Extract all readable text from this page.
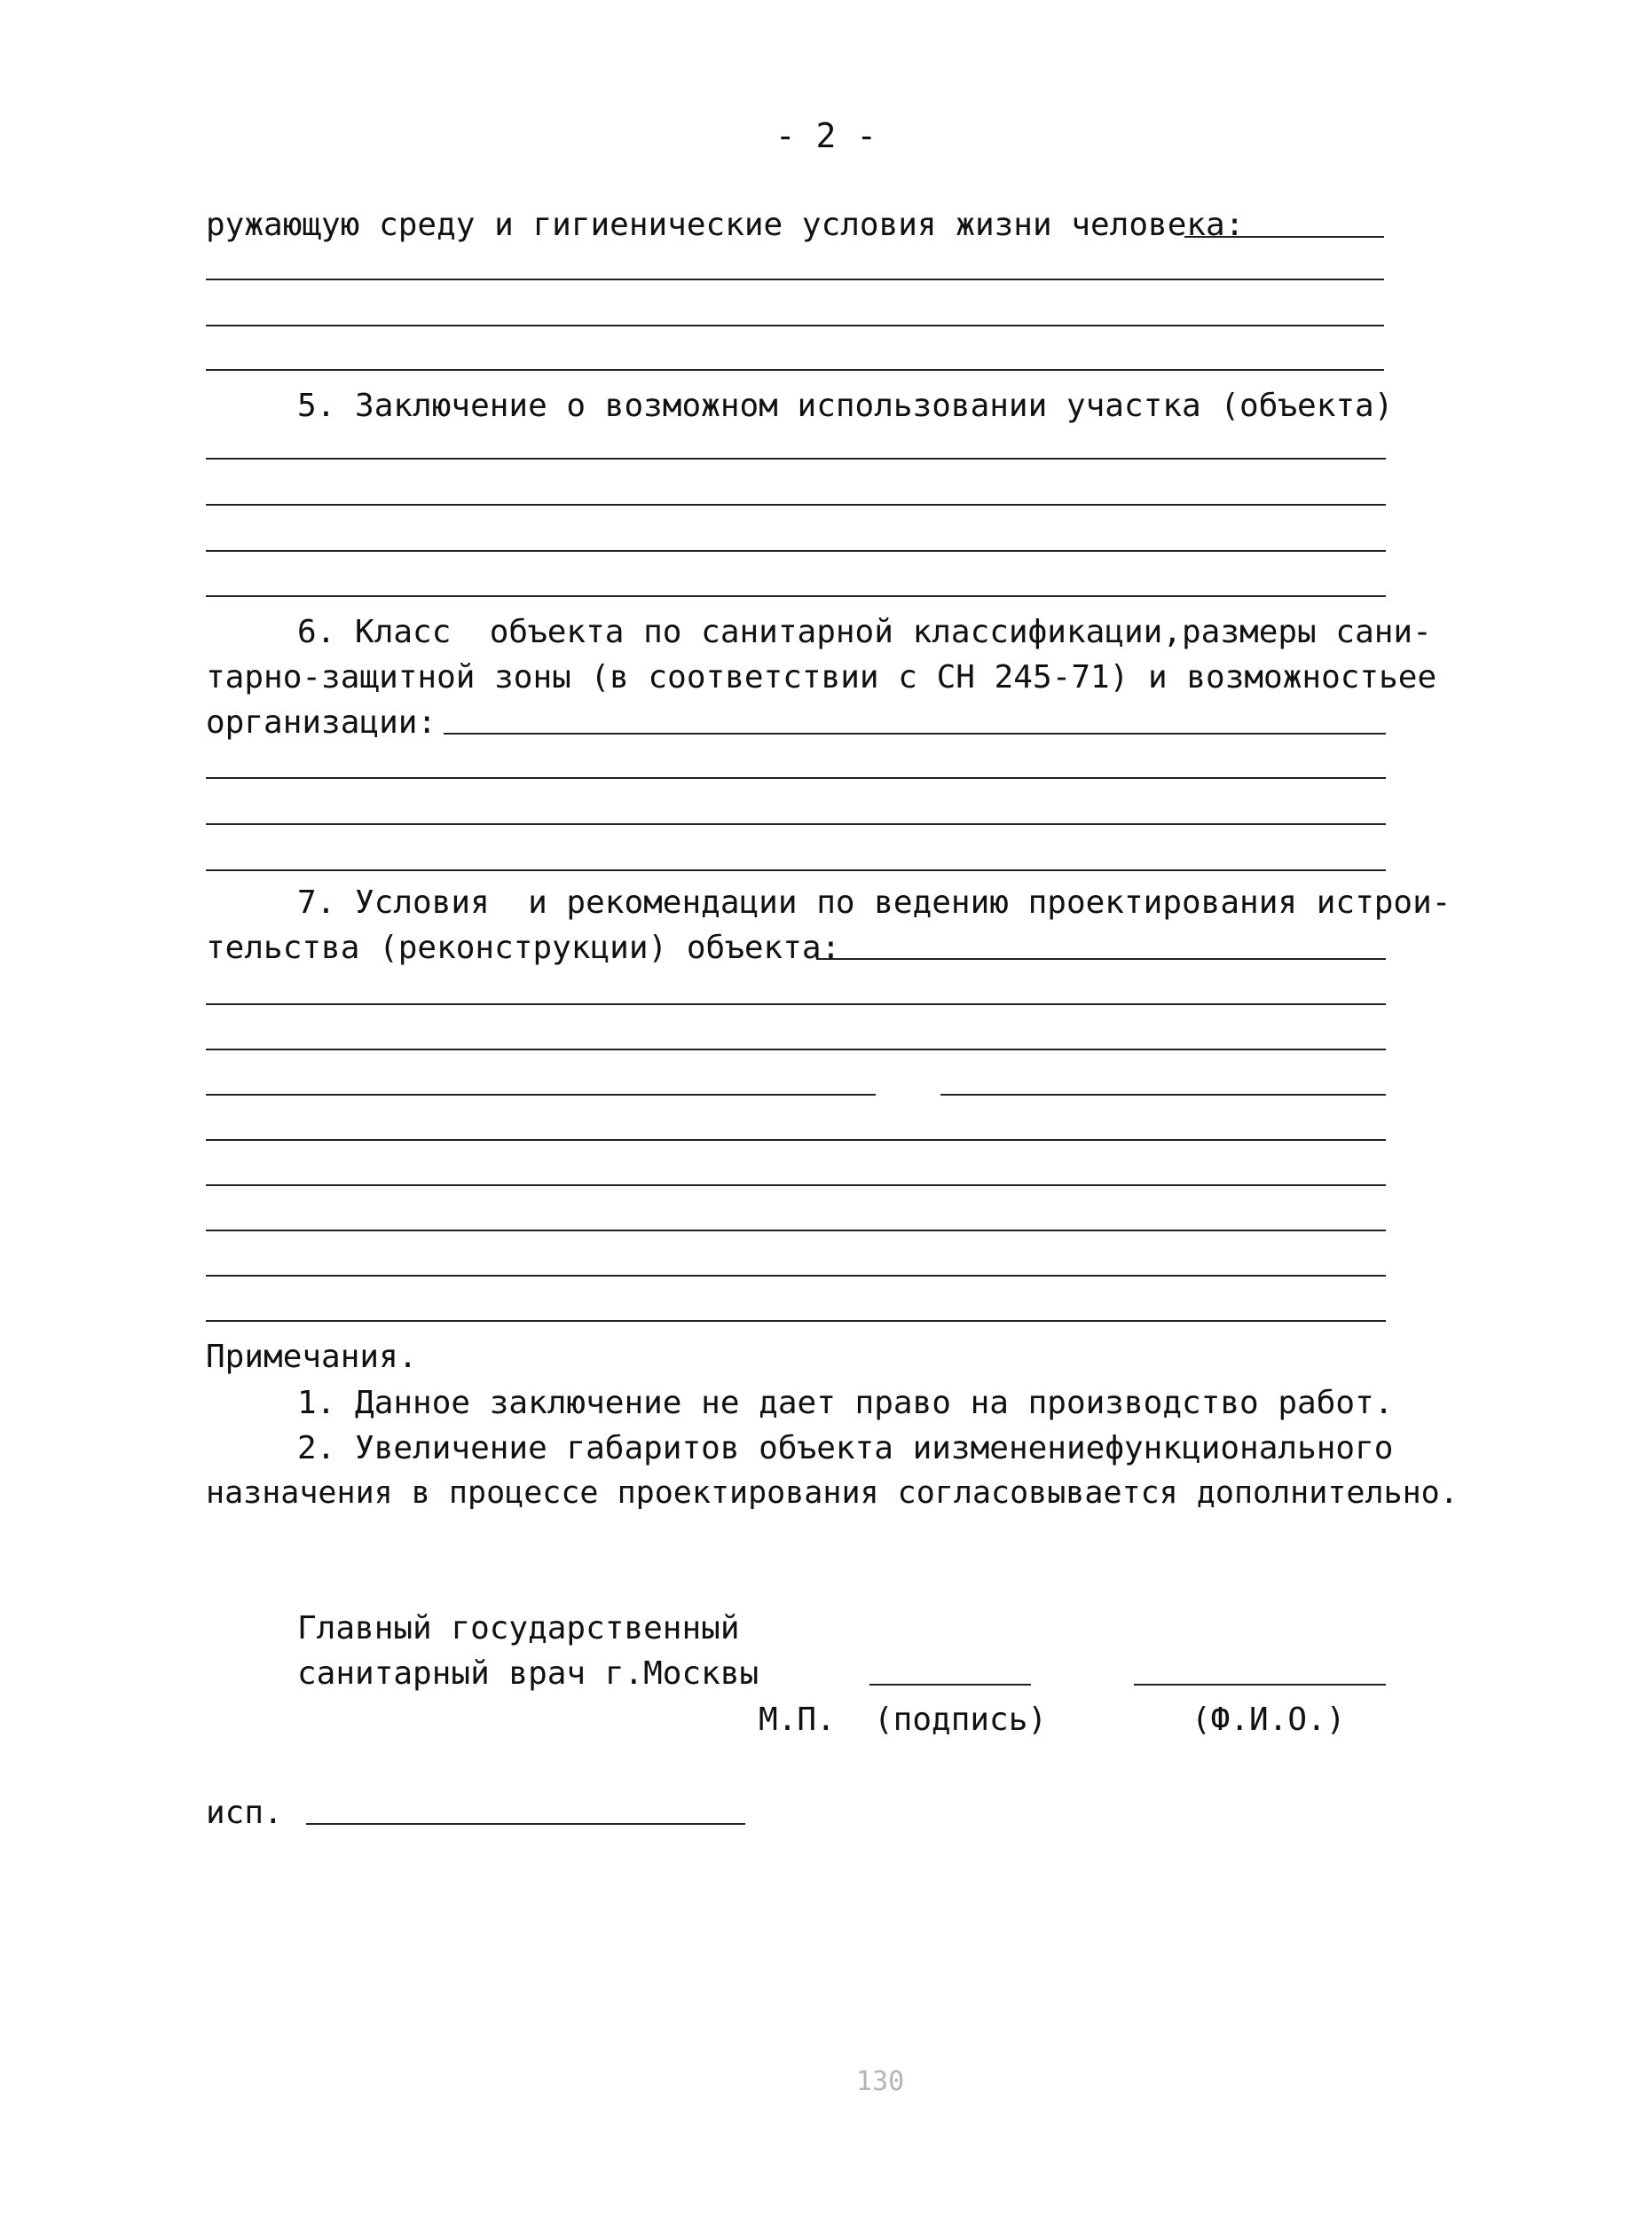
- 2 -
ружающую среду и гигиенические условия жизни человека:
5. Заключение о возможном использовании участка (объекта)
6. Класс  объекта по санитарной классификации, размеры сани-
тарно-защитной зоны (в соответствии с СН 245-71) и возможность ее
организации:
7. Условия  и рекомендации по ведению проектирования и строи-
тельства (реконструкции) объекта:
Примечания.
1. Данное заключение не дает право на производство работ.
2. Увеличение габаритов объекта и изменение функционального
назначения в процессе проектирования согласовывается дополнительно.
Главный государственный
санитарный врач г.Москвы
М.П. (подпись)	(Ф.И.О.)
исп.
130
